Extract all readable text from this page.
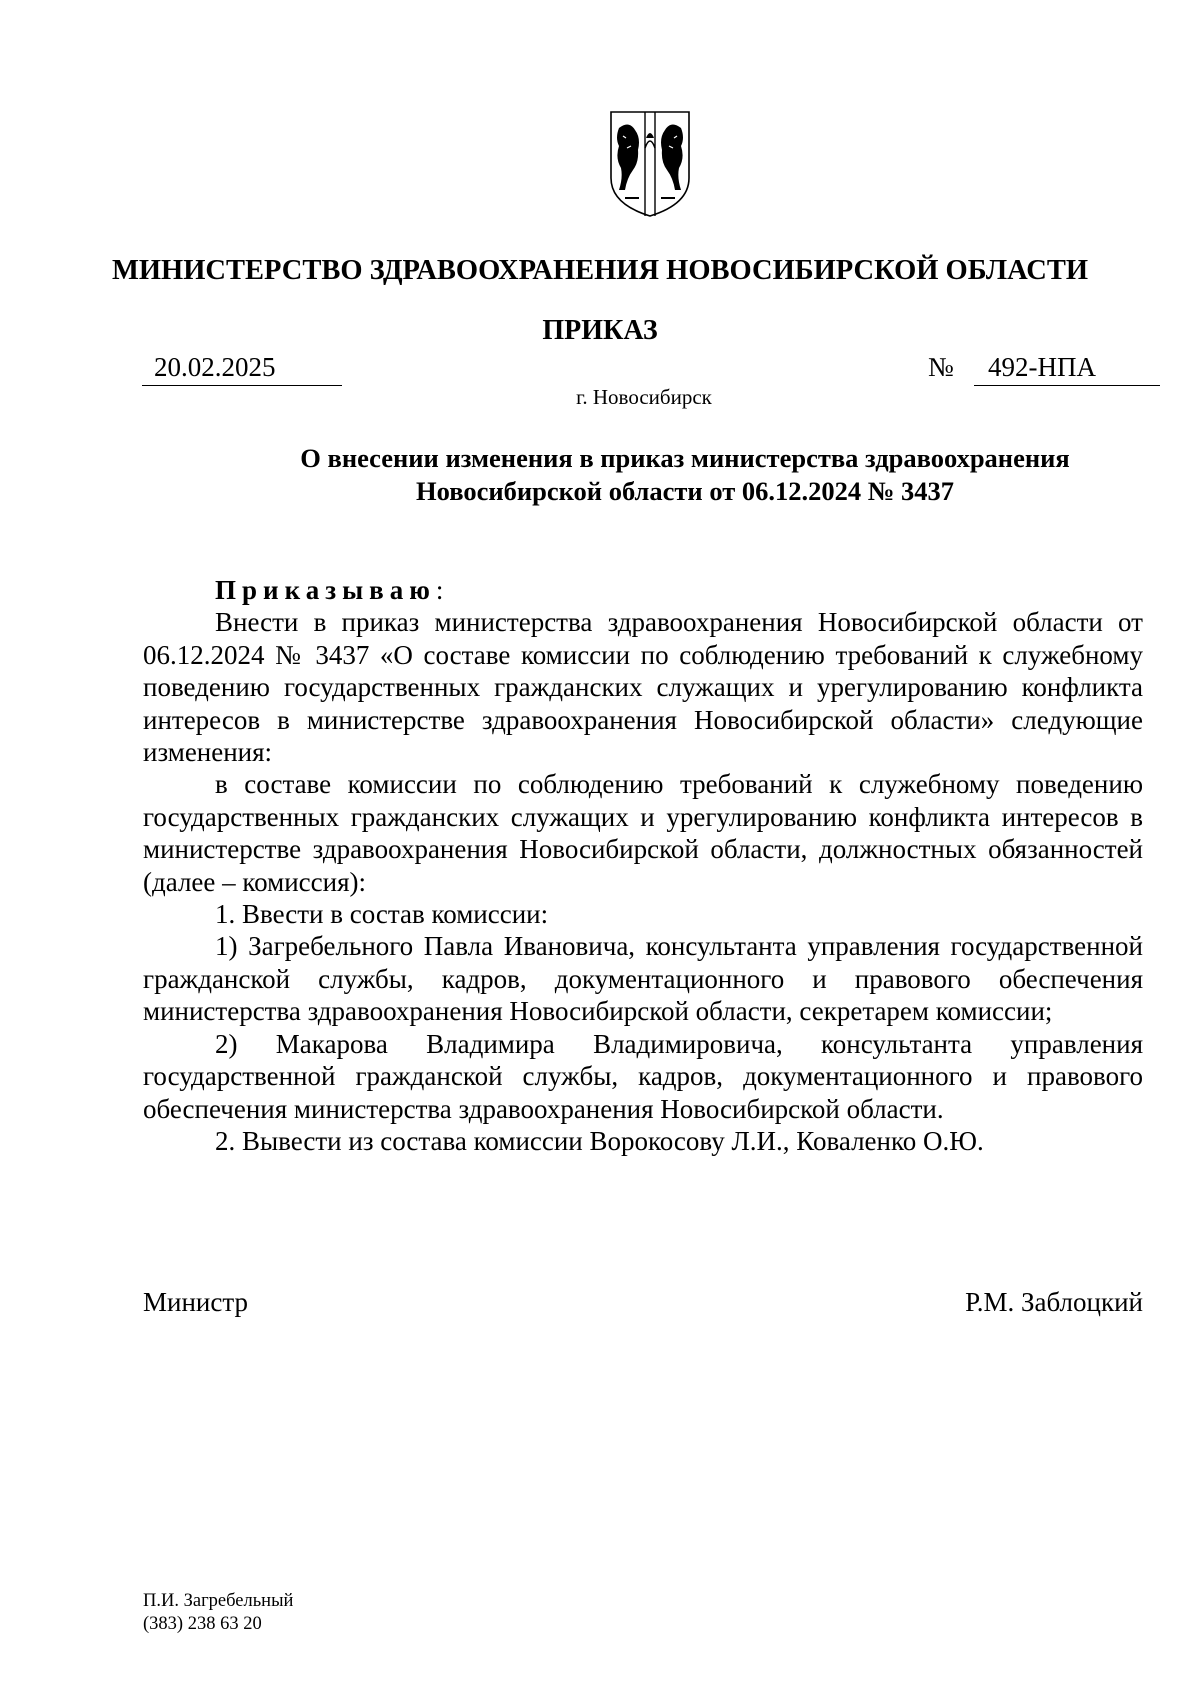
МИНИСТЕРСТВО ЗДРАВООХРАНЕНИЯ НОВОСИБИРСКОЙ ОБЛАСТИ
ПРИКАЗ
20.02.2025	№ 492-НПА
г. Новосибирск
О внесении изменения в приказ министерства здравоохранения
Новосибирской области от 06.12.2024 № 3437

Приказываю:

Внести в приказ министерства здравоохранения Новосибирской области от 06.12.2024 № 3437 «О составе комиссии по соблюдению требований к служебному поведению государственных гражданских служащих и урегулированию конфликта интересов в министерстве здравоохранения Новосибирской области» следующие изменения:

в составе комиссии по соблюдению требований к служебному поведению государственных гражданских служащих и урегулированию конфликта интересов в министерстве здравоохранения Новосибирской области, должностных обязанностей (далее – комиссия):

1. Ввести в состав комиссии:

1) Загребельного Павла Ивановича, консультанта управления государственной гражданской службы, кадров, документационного и правового обеспечения министерства здравоохранения Новосибирской области, секретарем комиссии;

2) Макарова Владимира Владимировича, консультанта управления государственной гражданской службы, кадров, документационного и правового обеспечения министерства здравоохранения Новосибирской области.

2. Вывести из состава комиссии Ворокосову Л.И., Коваленко О.Ю.

Министр	Р.М. Заблоцкий
П.И. Загребельный
(383) 238 63 20
